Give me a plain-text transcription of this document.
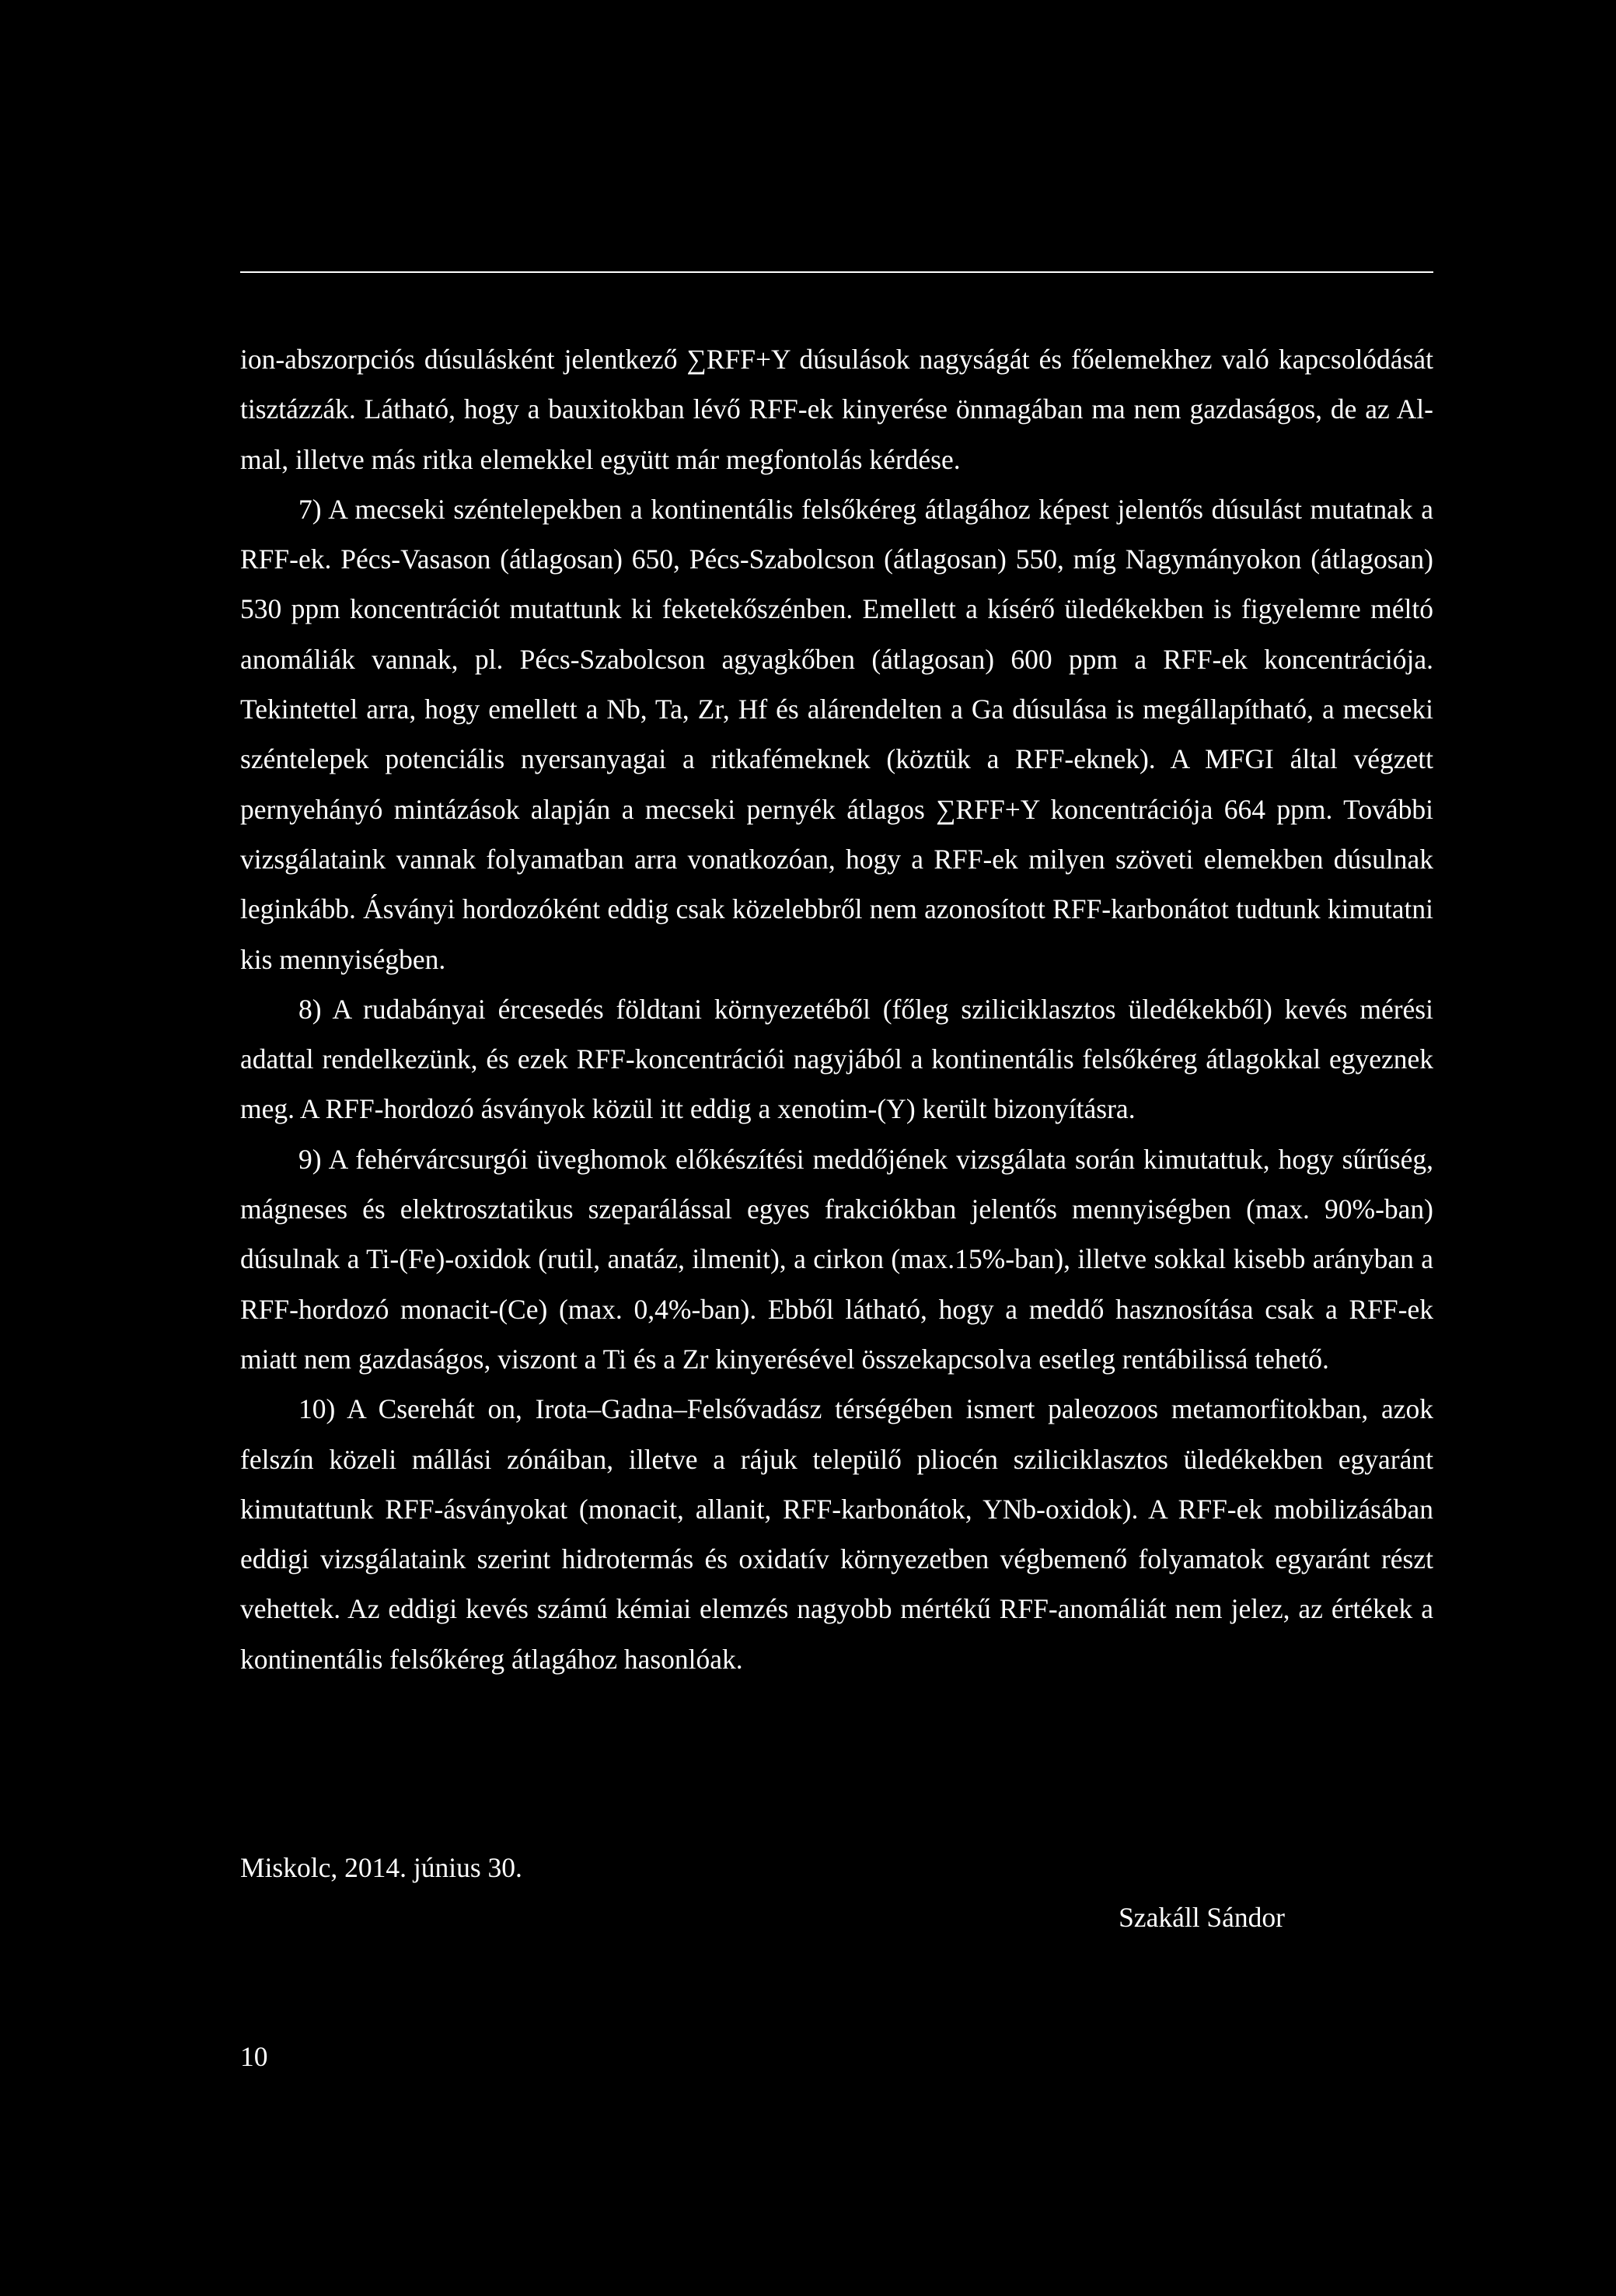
ion-abszorpciós dúsulásként jelentkező ∑RFF+Y dúsulások nagyságát és főelemekhez való kapcsolódását tisztázzák. Látható, hogy a bauxitokban lévő RFF-ek kinyerése önmagában ma nem gazdaságos, de az Al-mal, illetve más ritka elemekkel együtt már megfontolás kérdése.

7) A mecseki széntelepekben a kontinentális felsőkéreg átlagához képest jelentős dúsulást mutatnak a RFF-ek. Pécs-Vasason (átlagosan) 650, Pécs-Szabolcson (átlagosan) 550, míg Nagymányokon (átlagosan) 530 ppm koncentrációt mutattunk ki feketekőszénben. Emellett a kísérő üledékekben is figyelemre méltó anomáliák vannak, pl. Pécs-Szabolcson agyagkőben (átlagosan) 600 ppm a RFF-ek koncentrációja. Tekintettel arra, hogy emellett a Nb, Ta, Zr, Hf és alárendelten a Ga dúsulása is megállapítható, a mecseki széntelepek potenciális nyersanyagai a ritkafémeknek (köztük a RFF-eknek). A MFGI által végzett pernyehányó mintázások alapján a mecseki pernyék átlagos ∑RFF+Y koncentrációja 664 ppm. További vizsgálataink vannak folyamatban arra vonatkozóan, hogy a RFF-ek milyen szöveti elemekben dúsulnak leginkább. Ásványi hordozóként eddig csak közelebbről nem azonosított RFF-karbonátot tudtunk kimutatni kis mennyiségben.

8) A rudabányai ércesedés földtani környezetéből (főleg sziliciklasztos üledékekből) kevés mérési adattal rendelkezünk, és ezek RFF-koncentrációi nagyjából a kontinentális felsőkéreg átlagokkal egyeznek meg. A RFF-hordozó ásványok közül itt eddig a xenotim-(Y) került bizonyításra.

9) A fehérvárcsurgói üveghomok előkészítési meddőjének vizsgálata során kimutattuk, hogy sűrűség, mágneses és elektrosztatikus szeparálással egyes frakciókban jelentős mennyiségben (max. 90%-ban) dúsulnak a Ti-(Fe)-oxidok (rutil, anatáz, ilmenit), a cirkon (max.15%-ban), illetve sokkal kisebb arányban a RFF-hordozó monacit-(Ce) (max. 0,4%-ban). Ebből látható, hogy a meddő hasznosítása csak a RFF-ek miatt nem gazdaságos, viszont a Ti és a Zr kinyerésével összekapcsolva esetleg rentábilissá tehető.

10) A Cserehát on, Irota–Gadna–Felsővadász térségében ismert paleozoos metamorfitokban, azok felszín közeli mállási zónáiban, illetve a rájuk települő pliocén sziliciklasztos üledékekben egyaránt kimutattunk RFF-ásványokat (monacit, allanit, RFF-karbonátok, YNb-oxidok). A RFF-ek mobilizásában eddigi vizsgálataink szerint hidrotermás és oxidatív környezetben végbemenő folyamatok egyaránt részt vehettek. Az eddigi kevés számú kémiai elemzés nagyobb mértékű RFF-anomáliát nem jelez, az értékek a kontinentális felsőkéreg átlagához hasonlóak.

Miskolc, 2014. június 30.
Szakáll Sándor
10
